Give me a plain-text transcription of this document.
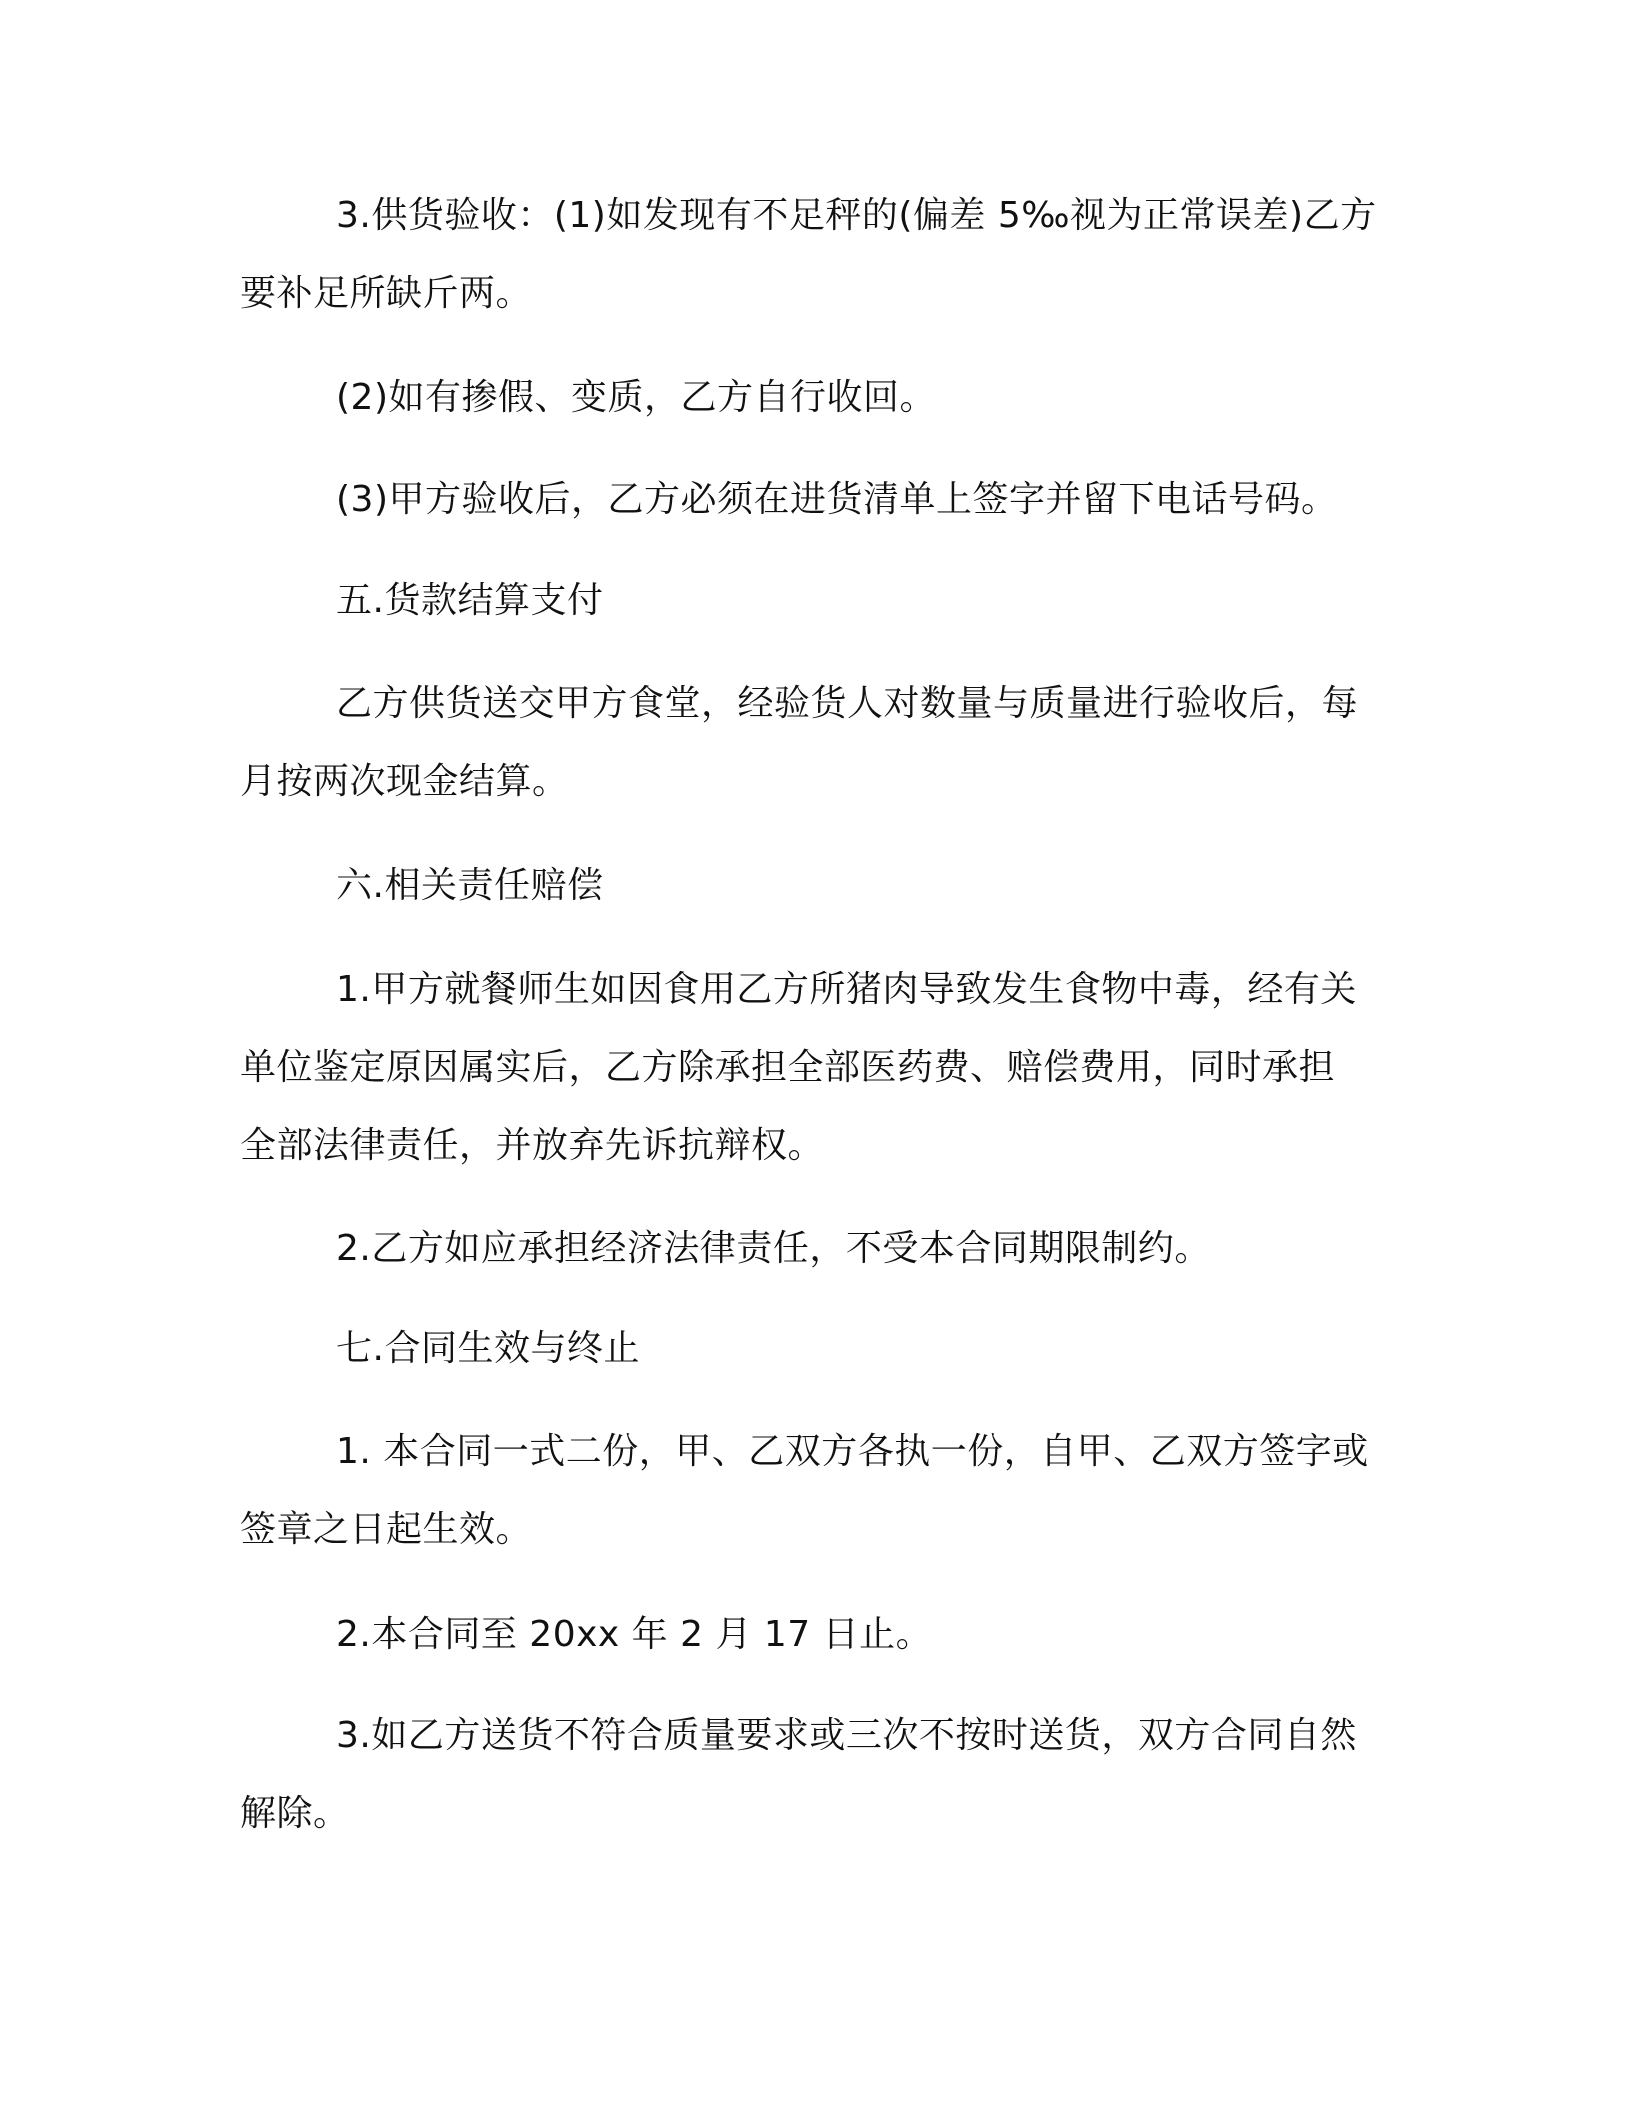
3.供货验收：(1)如发现有不足秤的(偏差 5‰视为正常误差)乙方
要补足所缺斤两。
(2)如有掺假、变质，乙方自行收回。
(3)甲方验收后，乙方必须在进货清单上签字并留下电话号码。
五.货款结算支付
乙方供货送交甲方食堂，经验货人对数量与质量进行验收后，每
月按两次现金结算。
六.相关责任赔偿
1.甲方就餐师生如因食用乙方所猪肉导致发生食物中毒，经有关
单位鉴定原因属实后，乙方除承担全部医药费、赔偿费用，同时承担
全部法律责任，并放弃先诉抗辩权。
2.乙方如应承担经济法律责任，不受本合同期限制约。
七.合同生效与终止
1. 本合同一式二份，甲、乙双方各执一份，自甲、乙双方签字或
签章之日起生效。
2.本合同至 20xx 年 2 月 17 日止。
3.如乙方送货不符合质量要求或三次不按时送货，双方合同自然
解除。
